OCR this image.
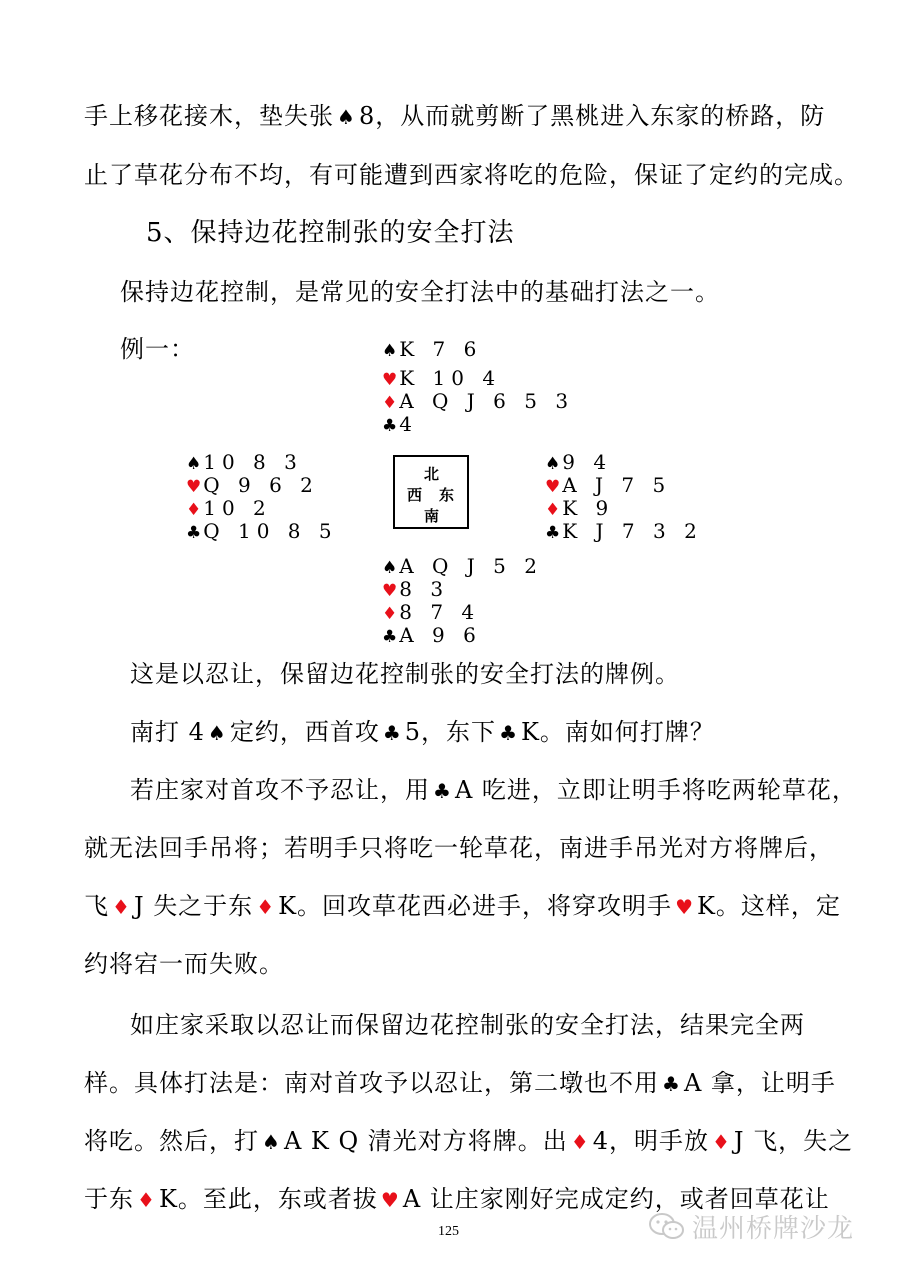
手上移花接木，垫失张 ♠ 8，从而就剪断了黑桃进入东家的桥路，防
止了草花分布不均，有可能遭到西家将吃的危险，保证了定约的完成。
5、保持边花控制张的安全打法
保持边花控制，是常见的安全打法中的基础打法之一。
例一：	♠ K 7 6
♥ K 10 4
♦ A Q J 6 5 3
♣ 4
♠ 10 8 3
♥ Q 9 6 2
♦ 10 2
♣ Q 10 8 5
北
西 东
南
♠ 9 4
♥ A J 7 5
♦ K 9
♣ K J 7 3 2
♠ A Q J 5 2
♥ 8 3
♦ 8 7 4
♣ A 9 6
这是以忍让，保留边花控制张的安全打法的牌例。
南打 4 ♠ 定约，西首攻 ♣ 5，东下 ♣ K。南如何打牌？
若庄家对首攻不予忍让，用 ♣ A 吃进，立即让明手将吃两轮草花，
就无法回手吊将；若明手只将吃一轮草花，南进手吊光对方将牌后，
飞 ♦ J 失之于东 ♦ K。回攻草花西必进手，将穿攻明手 ♥ K。这样，定
约将宕一而失败。
如庄家采取以忍让而保留边花控制张的安全打法，结果完全两
样。具体打法是：南对首攻予以忍让，第二墩也不用 ♣ A 拿，让明手
将吃。然后，打 ♠ A K Q 清光对方将牌。出 ♦ 4，明手放 ♦ J 飞，失之
于东 ♦ K。至此，东或者拔 ♥ A 让庄家刚好完成定约，或者回草花让
125	温州桥牌沙龙
